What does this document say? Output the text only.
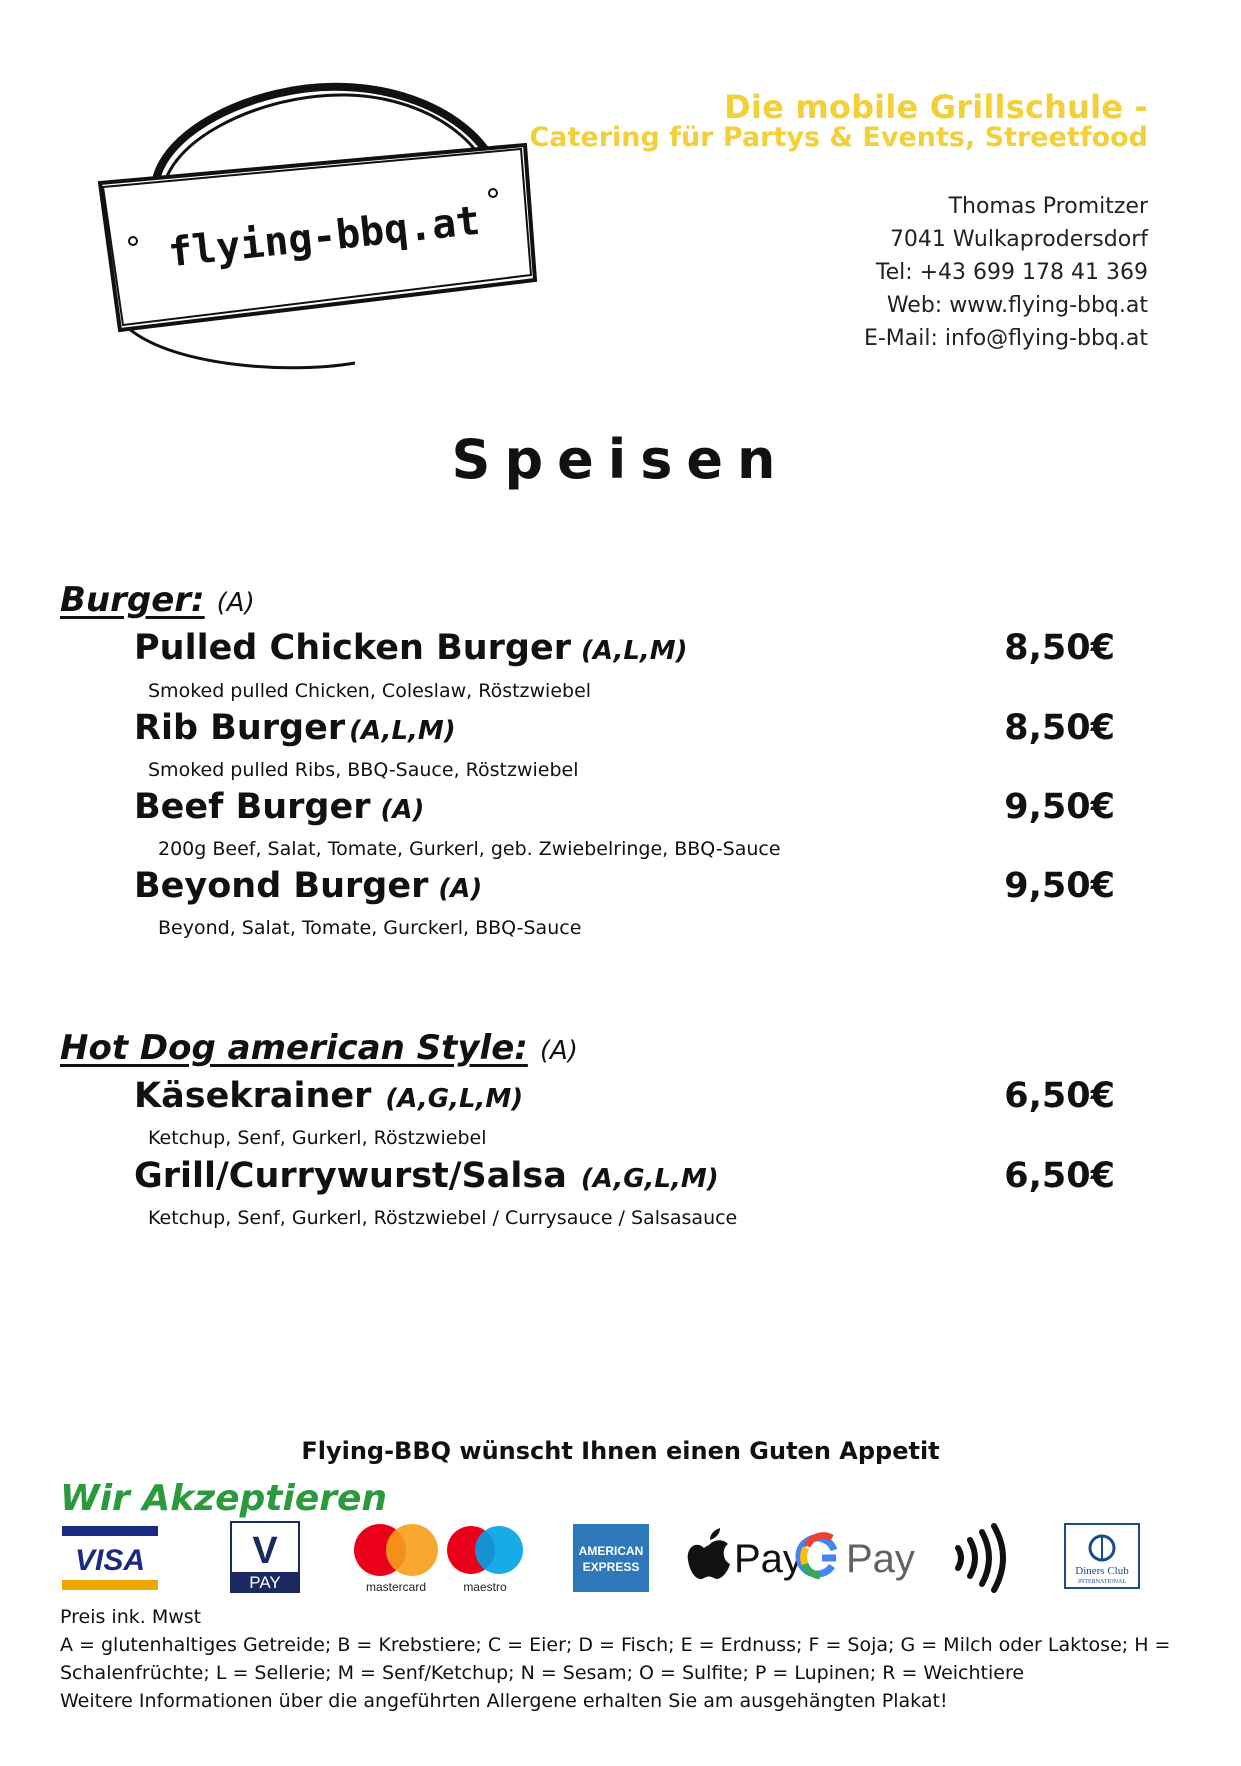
flying-bbq.at
Die mobile Grillschule -
Catering für Partys & Events, Streetfood
Thomas Promitzer
7041 Wulkaprodersdorf
Tel: +43 699 178 41 369
Web: www.flying-bbq.at
E-Mail: info@flying-bbq.at
Speisen
Burger: (A)
Pulled Chicken Burger (A,L,M)	8,50€
Smoked pulled Chicken, Coleslaw, Röstzwiebel
Rib Burger (A,L,M)	8,50€
Smoked pulled Ribs, BBQ-Sauce, Röstzwiebel
Beef Burger (A)	9,50€
200g Beef, Salat, Tomate, Gurkerl, geb. Zwiebelringe, BBQ-Sauce
Beyond Burger (A)	9,50€
Beyond, Salat, Tomate, Gurckerl, BBQ-Sauce
Hot Dog american Style: (A)
Käsekrainer (A,G,L,M)	6,50€
Ketchup, Senf, Gurkerl, Röstzwiebel
Grill/Currywurst/Salsa (A,G,L,M)	6,50€
Ketchup, Senf, Gurkerl, Röstzwiebel / Currysauce / Salsasauce
Flying-BBQ wünscht Ihnen einen Guten Appetit
Wir Akzeptieren
VISA	V
PAY	mastercard	maestro
AMERICAN
EXPRESS Pay Pay	Diners Club
INTERNATIONAL
Preis ink. Mwst
A = glutenhaltiges Getreide; B = Krebstiere; C = Eier; D = Fisch; E = Erdnuss; F = Soja; G = Milch oder Laktose; H = Schalenfrüchte; L = Sellerie; M = Senf/Ketchup; N = Sesam; O = Sulfite; P = Lupinen; R = Weichtiere
Weitere Informationen über die angeführten Allergene erhalten Sie am ausgehängten Plakat!
